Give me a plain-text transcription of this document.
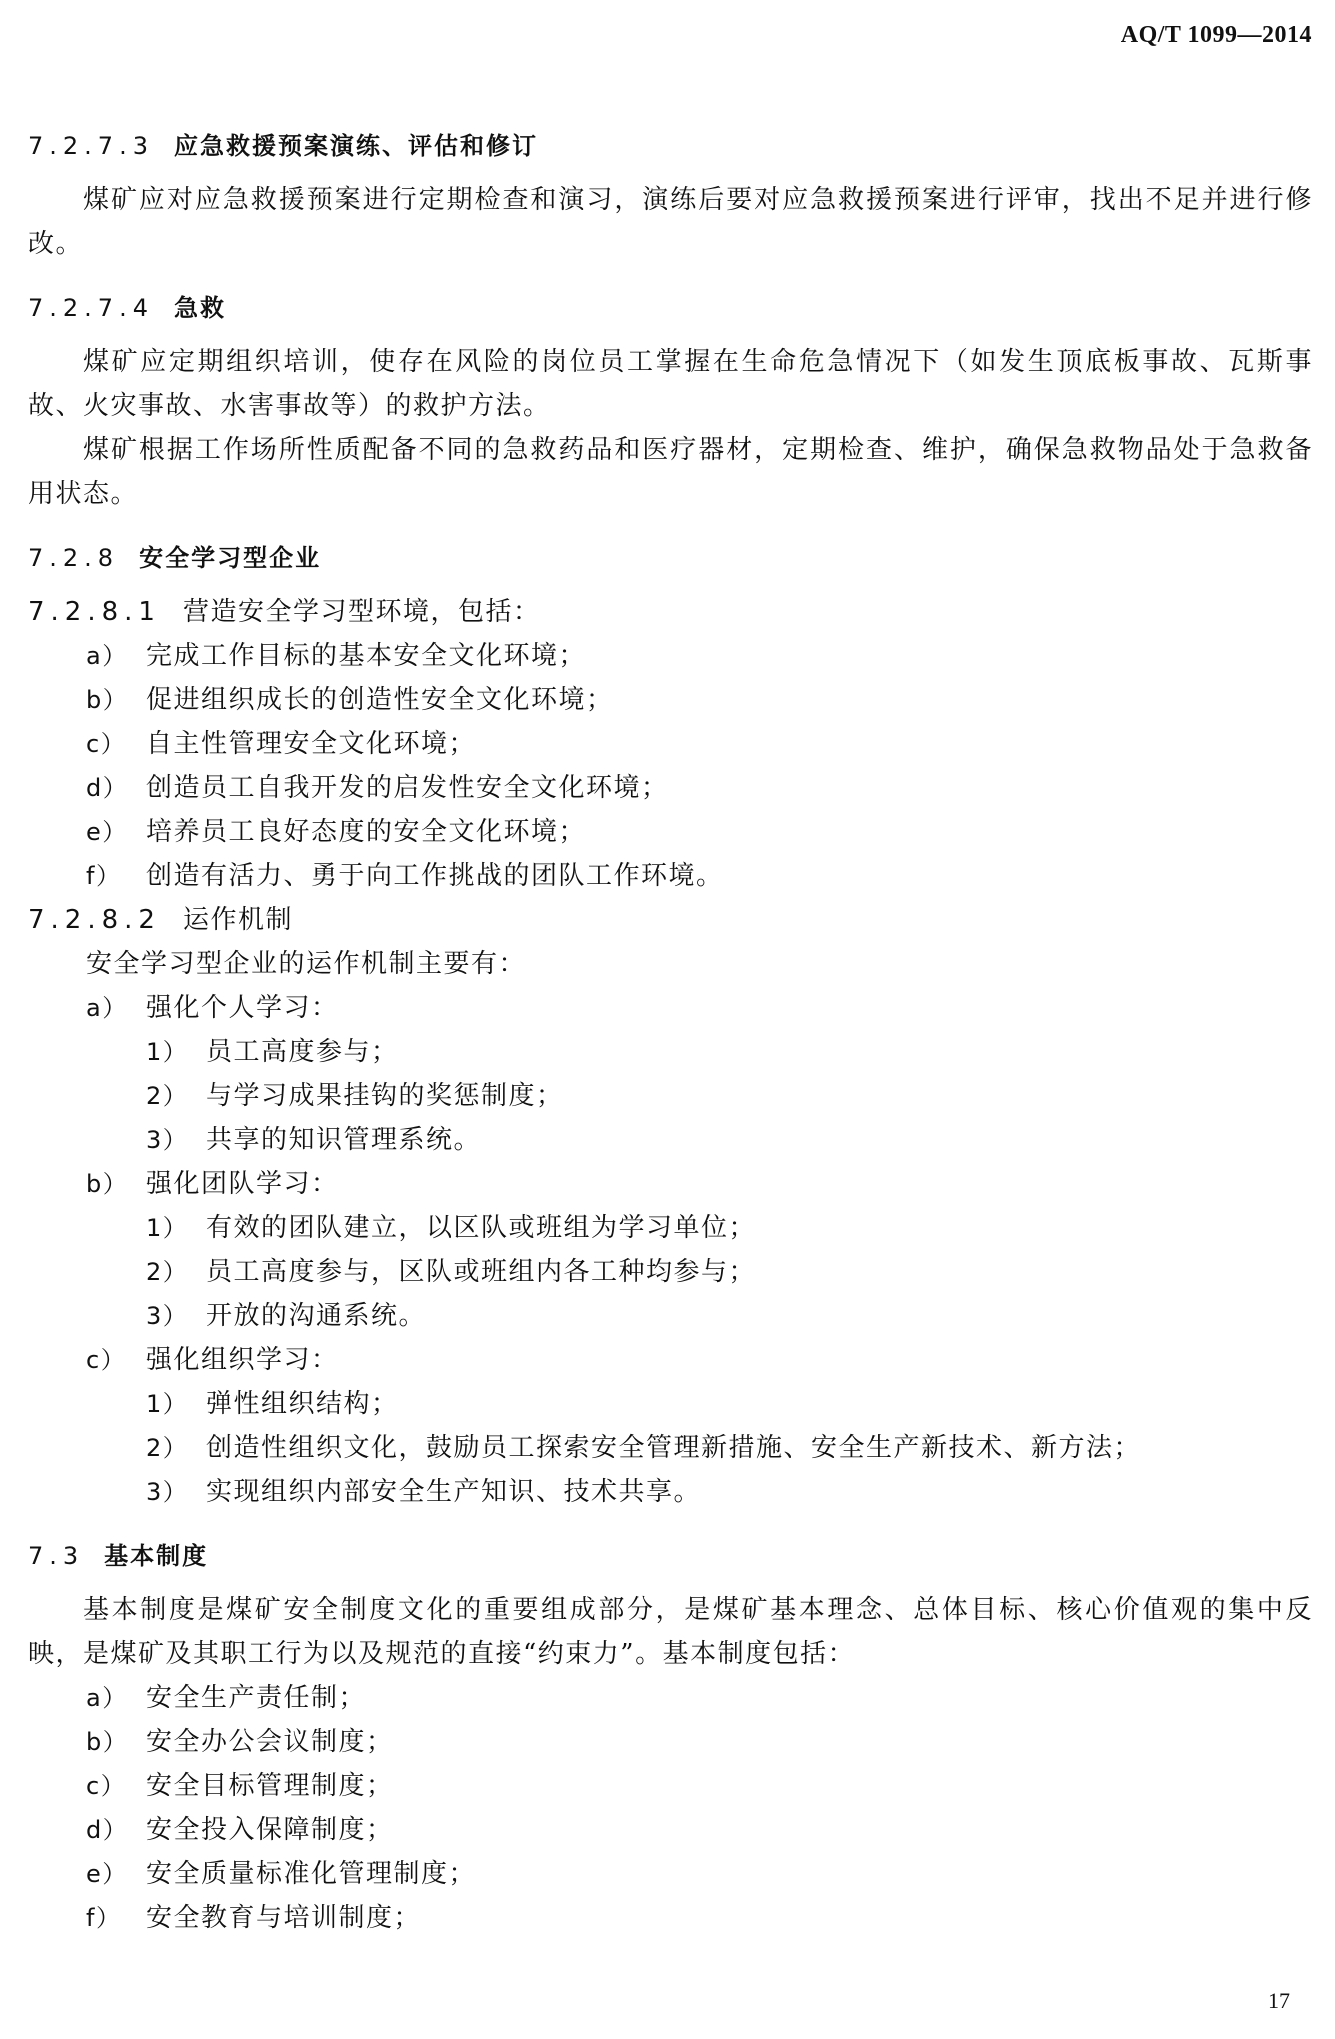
AQ/T 1099—2014
7.2.7.3 应急救援预案演练、评估和修订

煤矿应对应急救援预案进行定期检查和演习，演练后要对应急救援预案进行评审，找出不足并进行修改。

7.2.7.4 急救

煤矿应定期组织培训，使存在风险的岗位员工掌握在生命危急情况下（如发生顶底板事故、瓦斯事故、火灾事故、水害事故等）的救护方法。

煤矿根据工作场所性质配备不同的急救药品和医疗器材，定期检查、维护，确保急救物品处于急救备用状态。

7.2.8 安全学习型企业
7.2.8.1 营造安全学习型环境，包括：
a） 完成工作目标的基本安全文化环境；
b） 促进组织成长的创造性安全文化环境；
c） 自主性管理安全文化环境；
d） 创造员工自我开发的启发性安全文化环境；
e） 培养员工良好态度的安全文化环境；
f） 创造有活力、勇于向工作挑战的团队工作环境。
7.2.8.2 运作机制
安全学习型企业的运作机制主要有：
a） 强化个人学习：
1） 员工高度参与；
2） 与学习成果挂钩的奖惩制度；
3） 共享的知识管理系统。
b） 强化团队学习：
1） 有效的团队建立，以区队或班组为学习单位；
2） 员工高度参与，区队或班组内各工种均参与；
3） 开放的沟通系统。
c） 强化组织学习：
1） 弹性组织结构；
2） 创造性组织文化，鼓励员工探索安全管理新措施、安全生产新技术、新方法；
3） 实现组织内部安全生产知识、技术共享。
7.3 基本制度

基本制度是煤矿安全制度文化的重要组成部分，是煤矿基本理念、总体目标、核心价值观的集中反映，是煤矿及其职工行为以及规范的直接“约束力”。基本制度包括：

a） 安全生产责任制；
b） 安全办公会议制度；
c） 安全目标管理制度；
d） 安全投入保障制度；
e） 安全质量标准化管理制度；
f） 安全教育与培训制度；
17
